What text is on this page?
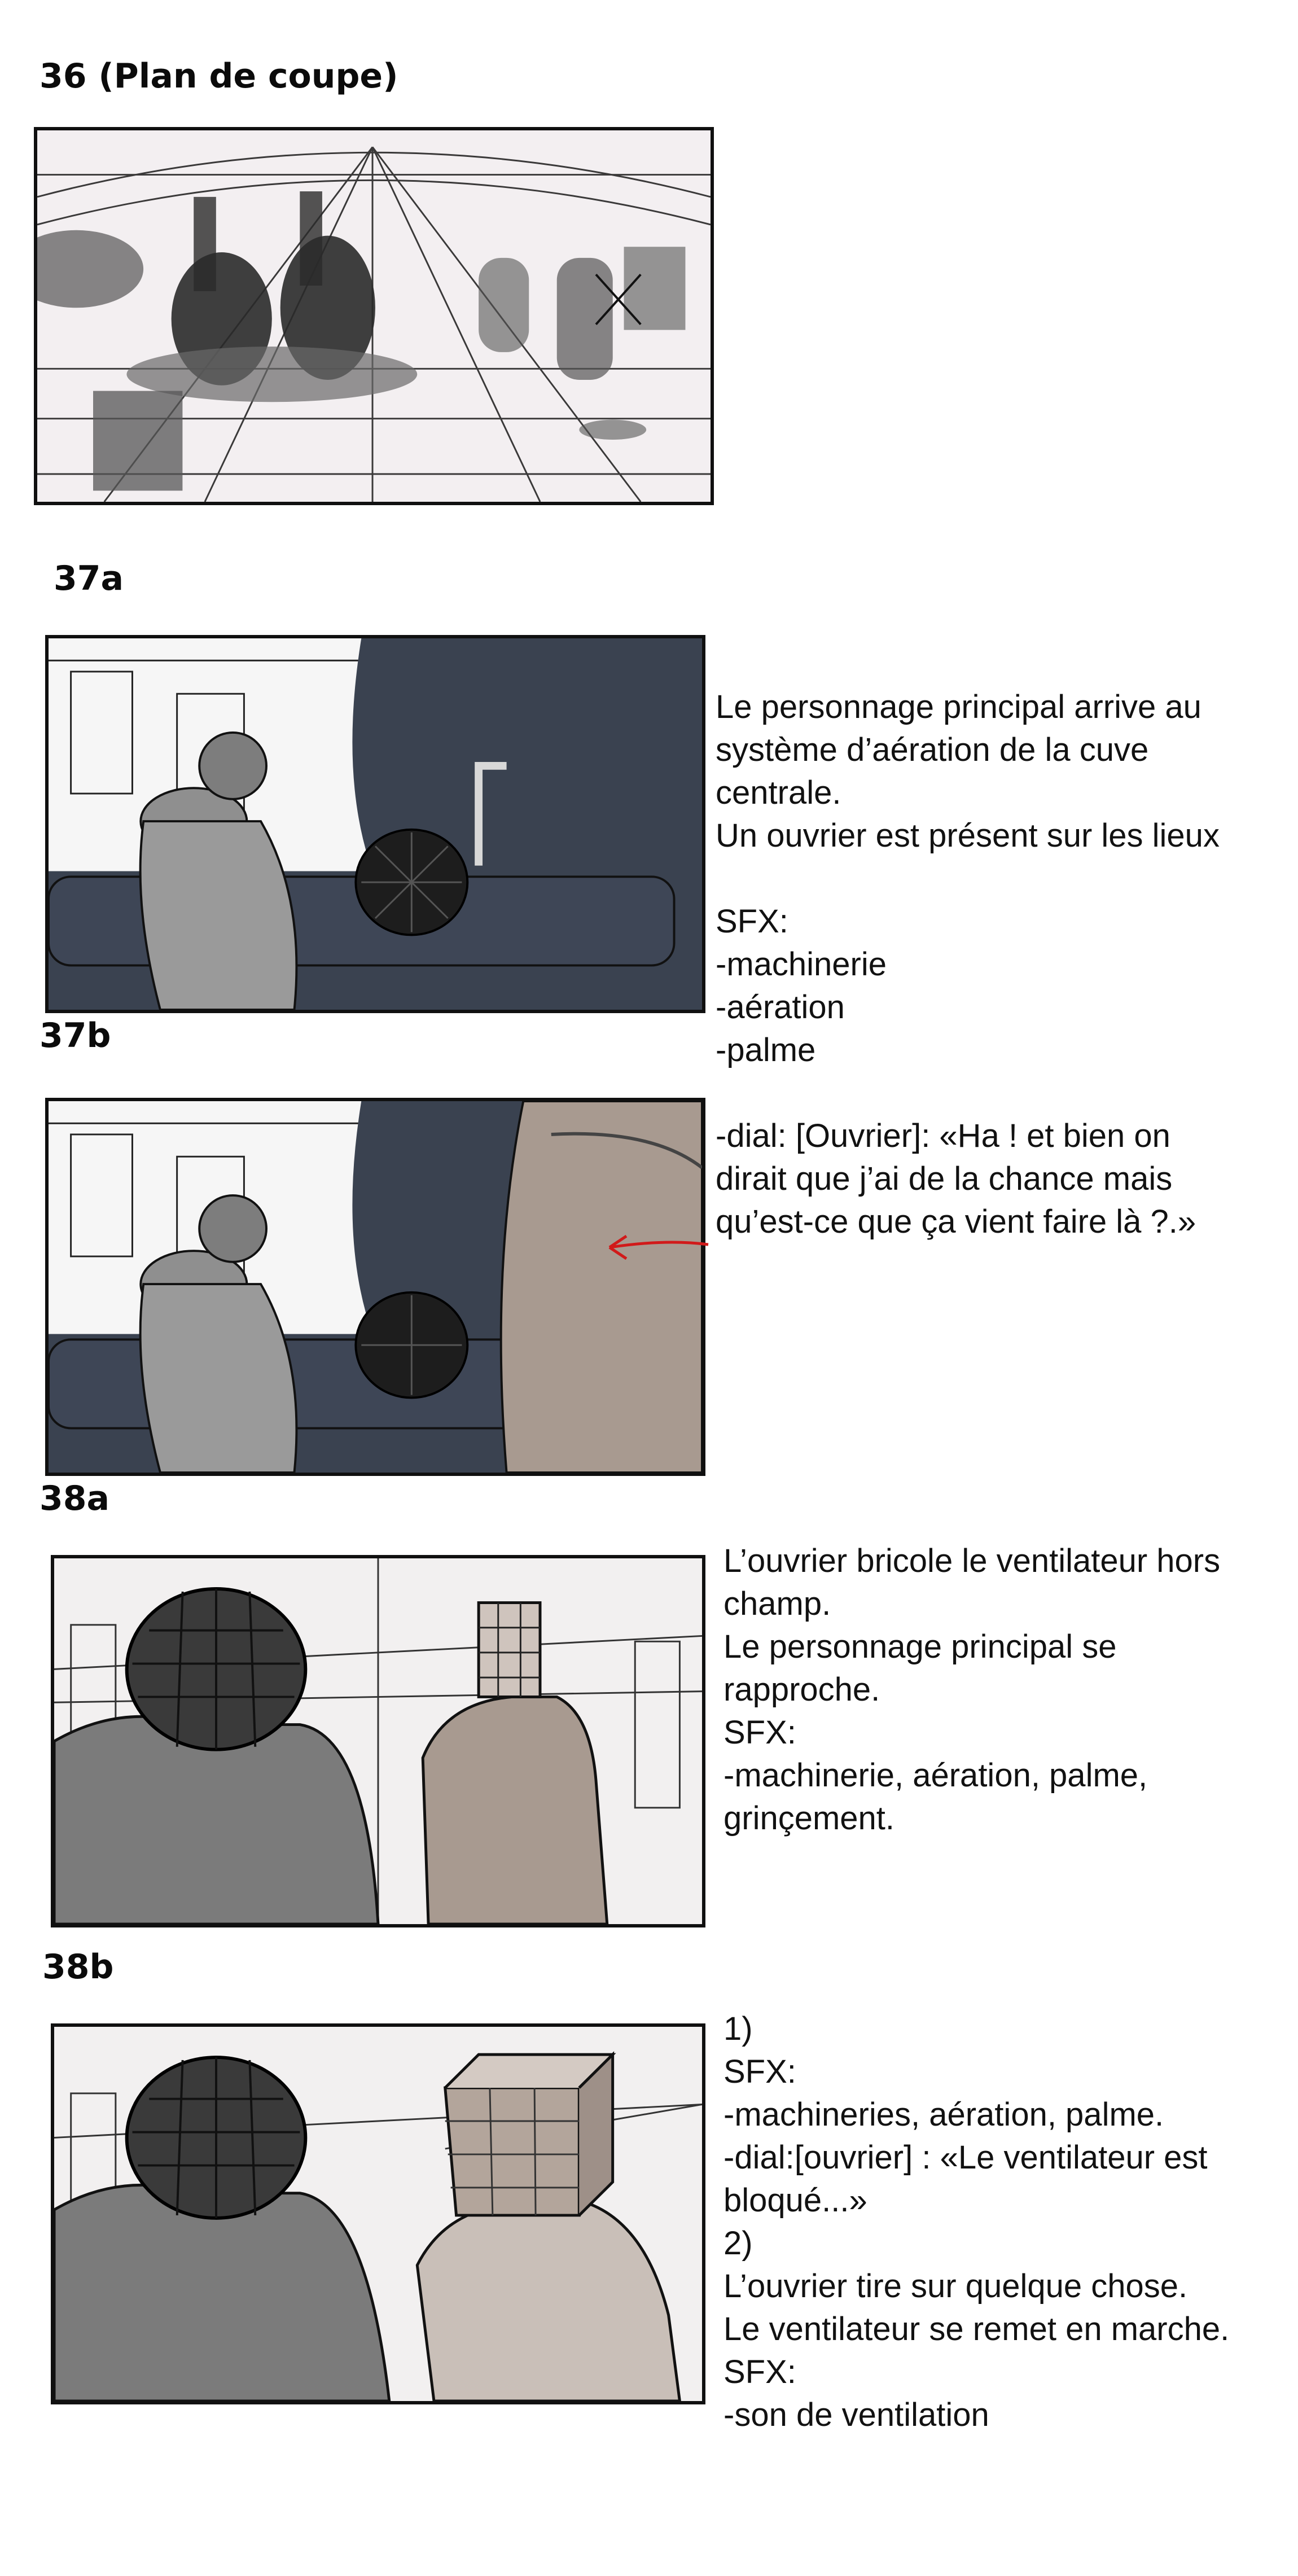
36 (Plan de coupe)
37a
37b
38a
38b
Le personnage principal arrive au
système d’aération de la cuve
centrale.
Un ouvrier est présent sur les lieux
SFX:
-machinerie
-aération
-palme
-dial: [Ouvrier]: «Ha ! et bien on
dirait que j’ai de la chance mais
qu’est-ce que ça vient faire là ?.»
L’ouvrier bricole le ventilateur hors
champ.
Le personnage principal se
rapproche.
SFX:
-machinerie, aération, palme,
grinçement.
1)
SFX:
-machineries, aération, palme.
-dial:[ouvrier] : «Le ventilateur est
bloqué...»
2)
L’ouvrier tire sur quelque chose.
Le ventilateur se remet en marche.
SFX:
-son de ventilation
